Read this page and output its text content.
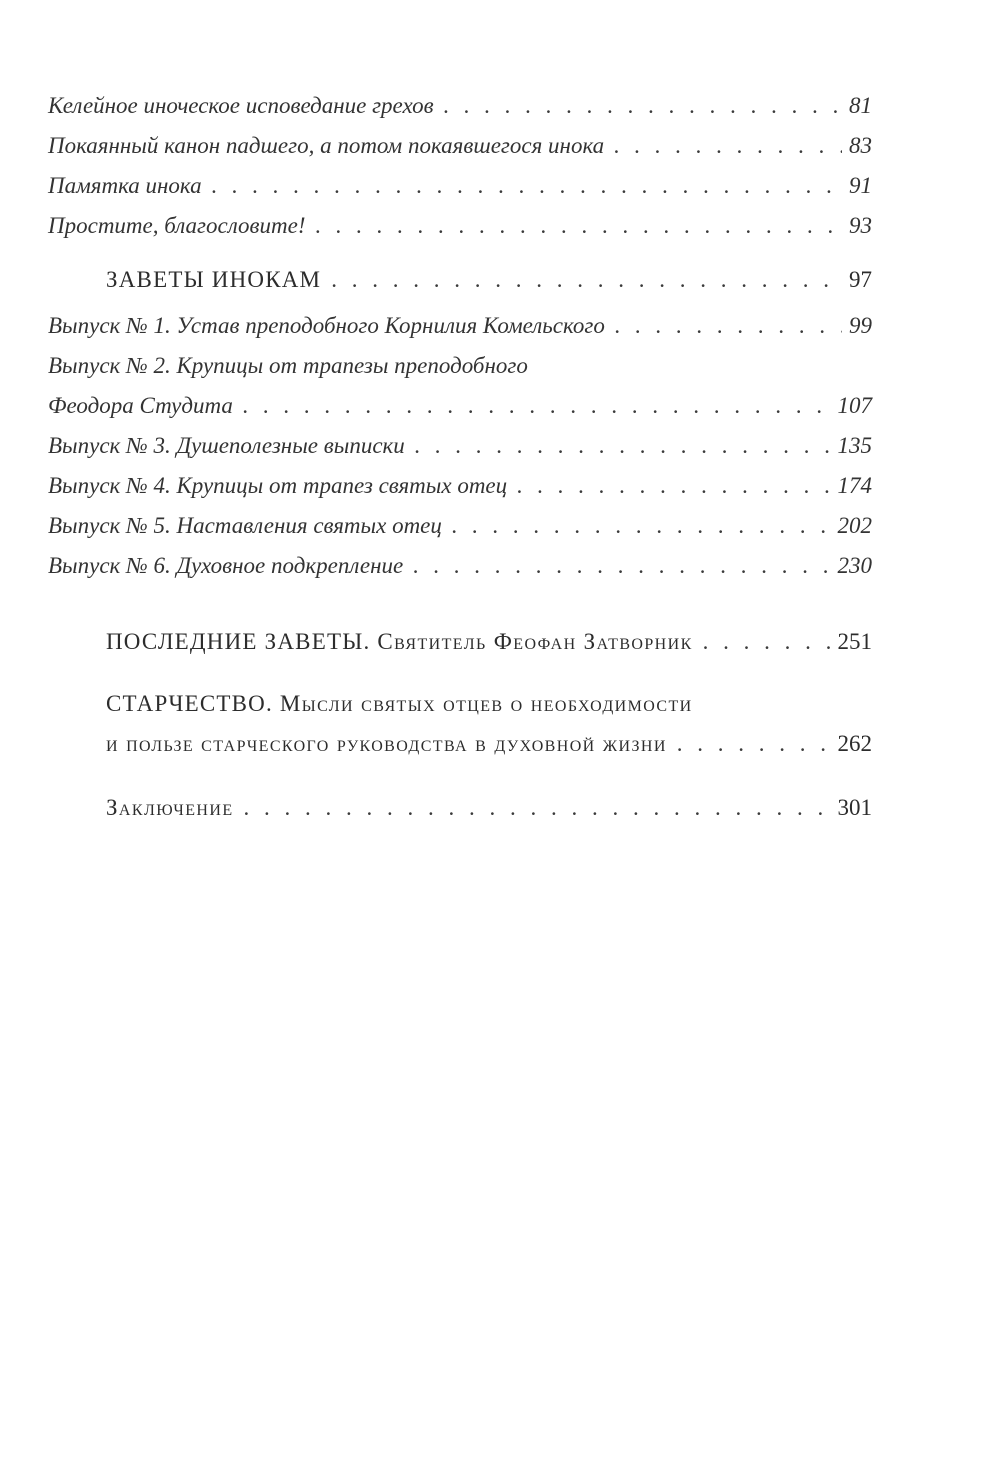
Келейное иноческое исповедание грехов . . .	81
Покаянный канон падшего, а потом покаявшегося инока . . .	83
Памятка инока . . .	91
Простите, благословите! . . .	93
ЗАВЕТЫ ИНОКАМ . . .	97
Выпуск № 1. Устав преподобного Корнилия Комельского . . .	99
Выпуск № 2. Крупицы от трапезы преподобного
Феодора Студита . . .	107
Выпуск № 3. Душеполезные выписки . . .	135
Выпуск № 4. Крупицы от трапез святых отец . . .	174
Выпуск № 5. Наставления святых отец . . .	202
Выпуск № 6. Духовное подкрепление . . .	230
ПОСЛЕДНИЕ ЗАВЕТЫ. Святитель Феофан Затворник . . .	251
СТАРЧЕСТВО. Мысли святых отцев о необходимости
и пользе старческого руководства в духовной жизни . . .	262
Заключение . . .	301
